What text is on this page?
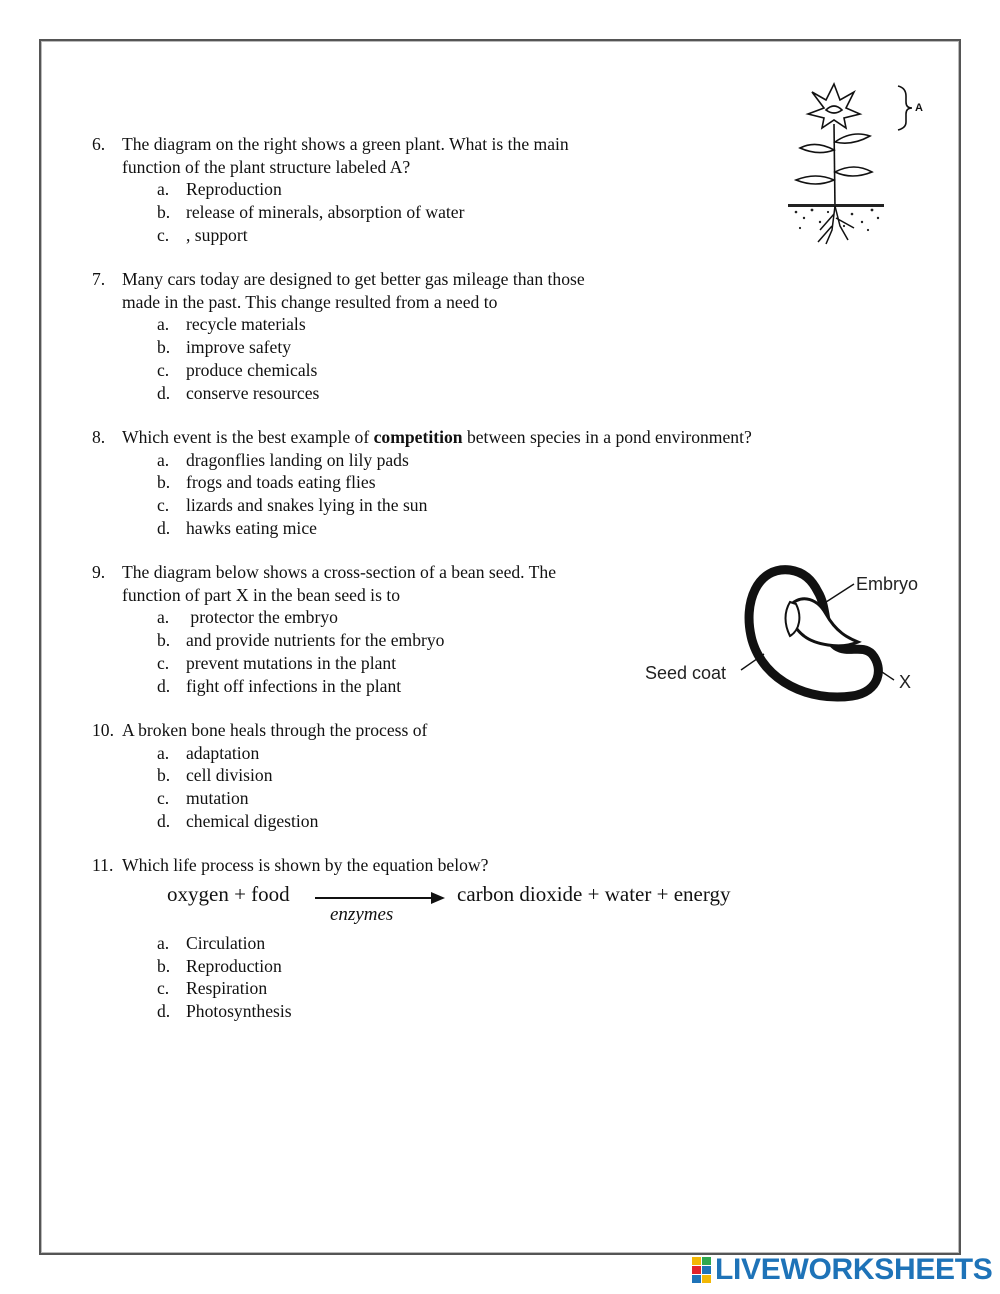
6. The diagram on the right shows a green plant. What is the main
function of the plant structure labeled A?
a. Reproduction
b. release of minerals, absorption of water
c. , support
7. Many cars today are designed to get better gas mileage than those
made in the past. This change resulted from a need to
a. recycle materials
b. improve safety
c. produce chemicals
d. conserve resources
8. Which event is the best example of competition between species in a pond environment?
a. dragonflies landing on lily pads
b. frogs and toads eating flies
c. lizards and snakes lying in the sun
d. hawks eating mice
9. The diagram below shows a cross-section of a bean seed. The
function of part X in the bean seed is to
a. protector the embryo
b. and provide nutrients for the embryo
c. prevent mutations in the plant
d. fight off infections in the plant
10. A broken bone heals through the process of
a. adaptation
b. cell division
c. mutation
d. chemical digestion
11. Which life process is shown by the equation below?
oxygen + food
enzymes
carbon dioxide + water + energy
a. Circulation
b. Reproduction
c. Respiration
d. Photosynthesis
A
Embryo
Seed coat	X
LIVEWORKSHEETS
